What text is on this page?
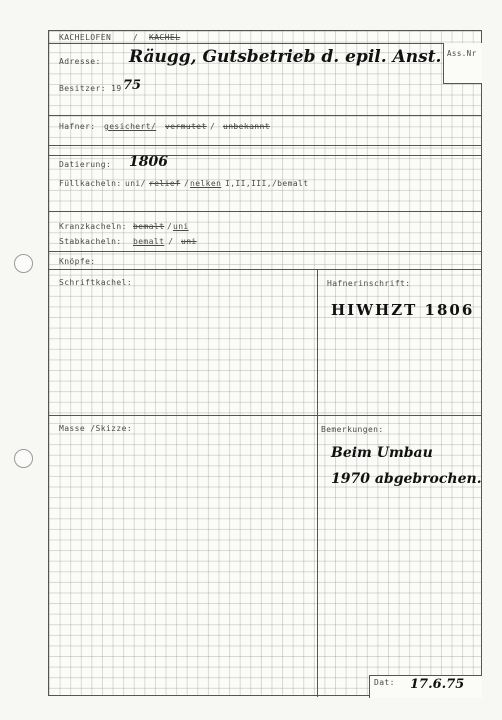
KACHELOFEN	/ KACHEL
Ass.Nr
Adresse: Räugg, Gutsbetrieb d. epil. Anst.
Besitzer: 19 75
Hafner: gesichert/ vermutet / unbekannt
Datierung: 1806
Füllkacheln: uni/ relief / nelken I,II,III,/bemalt
Kranzkacheln: bemalt / uni
Stabkacheln: bemalt
/ uni
Knöpfe:
Schriftkachel:	Hafnerinschrift:
HIWHZT 1806
Masse /Skizze:	Bemerkungen:
Beim Umbau
1970 abgebrochen.
Dat: 17.6.75
